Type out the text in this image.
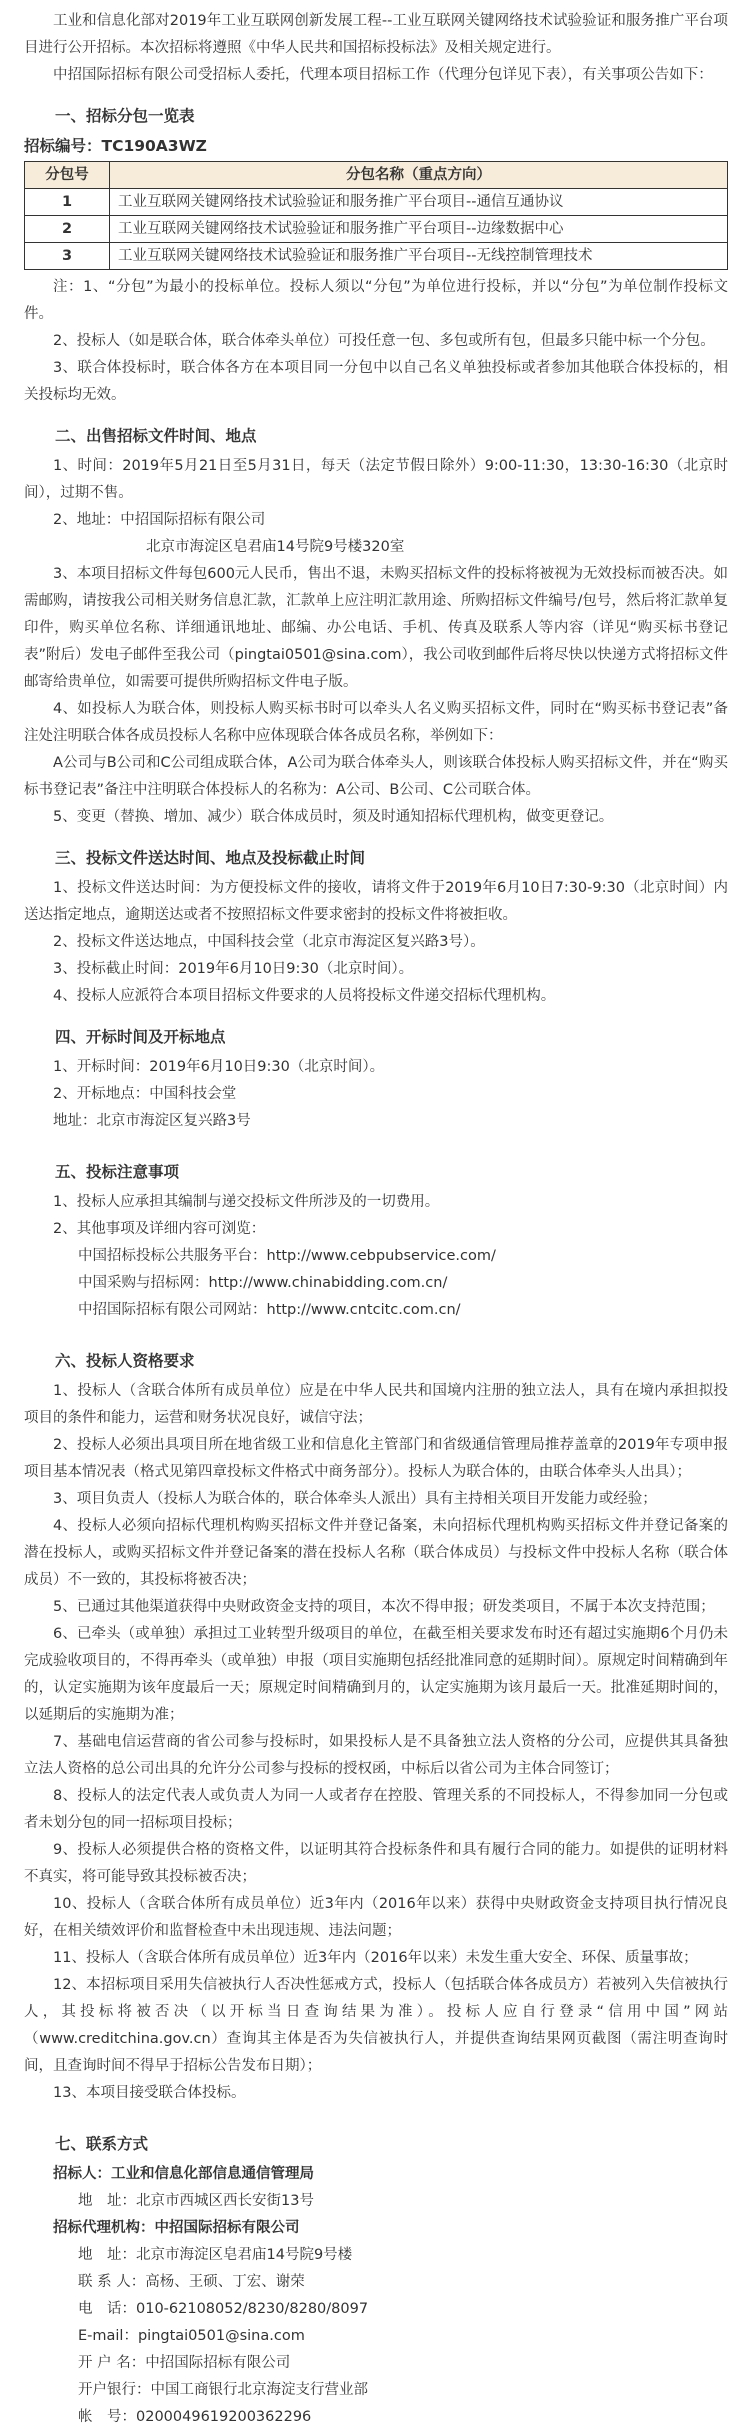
工业和信息化部对2019年工业互联网创新发展工程--工业互联网关键网络技术试验验证和服务推广平台项目进行公开招标。本次招标将遵照《中华人民共和国招标投标法》及相关规定进行。

中招国际招标有限公司受招标人委托，代理本项目招标工作（代理分包详见下表），有关事项公告如下：

一、招标分包一览表
招标编号：TC190A3WZ
分包号	分包名称（重点方向）
1	工业互联网关键网络技术试验验证和服务推广平台项目--通信互通协议
2	工业互联网关键网络技术试验验证和服务推广平台项目--边缘数据中心
3	工业互联网关键网络技术试验验证和服务推广平台项目--无线控制管理技术

注：1、“分包”为最小的投标单位。投标人须以“分包”为单位进行投标，并以“分包”为单位制作投标文件。

2、投标人（如是联合体，联合体牵头单位）可投任意一包、多包或所有包，但最多只能中标一个分包。

3、联合体投标时，联合体各方在本项目同一分包中以自己名义单独投标或者参加其他联合体投标的，相关投标均无效。

二、出售招标文件时间、地点

1、时间：2019年5月21日至5月31日，每天（法定节假日除外）9:00-11:30，13:30-16:30（北京时间），过期不售。

2、地址：中招国际招标有限公司

北京市海淀区皂君庙14号院9号楼320室

3、本项目招标文件每包600元人民币，售出不退，未购买招标文件的投标将被视为无效投标而被否决。如需邮购，请按我公司相关财务信息汇款，汇款单上应注明汇款用途、所购招标文件编号/包号，然后将汇款单复印件，购买单位名称、详细通讯地址、邮编、办公电话、手机、传真及联系人等内容（详见“购买标书登记表”附后）发电子邮件至我公司（pingtai0501@sina.com），我公司收到邮件后将尽快以快递方式将招标文件邮寄给贵单位，如需要可提供所购招标文件电子版。

4、如投标人为联合体，则投标人购买标书时可以牵头人名义购买招标文件，同时在“购买标书登记表”备注处注明联合体各成员投标人名称中应体现联合体各成员名称，举例如下：

A公司与B公司和C公司组成联合体，A公司为联合体牵头人，则该联合体投标人购买招标文件，并在“购买标书登记表”备注中注明联合体投标人的名称为：A公司、B公司、C公司联合体。

5、变更（替换、增加、减少）联合体成员时，须及时通知招标代理机构，做变更登记。

三、投标文件送达时间、地点及投标截止时间

1、投标文件送达时间：为方便投标文件的接收，请将文件于2019年6月10日7:30-9:30（北京时间）内送达指定地点，逾期送达或者不按照招标文件要求密封的投标文件将被拒收。

2、投标文件送达地点，中国科技会堂（北京市海淀区复兴路3号）。

3、投标截止时间：2019年6月10日9:30（北京时间）。

4、投标人应派符合本项目招标文件要求的人员将投标文件递交招标代理机构。

四、开标时间及开标地点

1、开标时间：2019年6月10日9:30（北京时间）。

2、开标地点：中国科技会堂

地址：北京市海淀区复兴路3号

五、投标注意事项

1、投标人应承担其编制与递交投标文件所涉及的一切费用。

2、其他事项及详细内容可浏览：

中国招标投标公共服务平台：http://www.cebpubservice.com/

中国采购与招标网：http://www.chinabidding.com.cn/

中招国际招标有限公司网站：http://www.cntcitc.com.cn/

六、投标人资格要求

1、投标人（含联合体所有成员单位）应是在中华人民共和国境内注册的独立法人，具有在境内承担拟投项目的条件和能力，运营和财务状况良好，诚信守法；

2、投标人必须出具项目所在地省级工业和信息化主管部门和省级通信管理局推荐盖章的2019年专项申报项目基本情况表（格式见第四章投标文件格式中商务部分）。投标人为联合体的，由联合体牵头人出具）；

3、项目负责人（投标人为联合体的，联合体牵头人派出）具有主持相关项目开发能力或经验；

4、投标人必须向招标代理机构购买招标文件并登记备案，未向招标代理机构购买招标文件并登记备案的潜在投标人，或购买招标文件并登记备案的潜在投标人名称（联合体成员）与投标文件中投标人名称（联合体成员）不一致的，其投标将被否决；

5、已通过其他渠道获得中央财政资金支持的项目，本次不得申报；研发类项目，不属于本次支持范围；

6、已牵头（或单独）承担过工业转型升级项目的单位，在截至相关要求发布时还有超过实施期6个月仍未完成验收项目的，不得再牵头（或单独）申报（项目实施期包括经批准同意的延期时间）。原规定时间精确到年的，认定实施期为该年度最后一天；原规定时间精确到月的，认定实施期为该月最后一天。批准延期时间的，以延期后的实施期为准；

7、基础电信运营商的省公司参与投标时，如果投标人是不具备独立法人资格的分公司，应提供其具备独立法人资格的总公司出具的允许分公司参与投标的授权函，中标后以省公司为主体合同签订；

8、投标人的法定代表人或负责人为同一人或者存在控股、管理关系的不同投标人，不得参加同一分包或者未划分包的同一招标项目投标；

9、投标人必须提供合格的资格文件，以证明其符合投标条件和具有履行合同的能力。如提供的证明材料不真实，将可能导致其投标被否决；

10、投标人（含联合体所有成员单位）近3年内（2016年以来）获得中央财政资金支持项目执行情况良好，在相关绩效评价和监督检查中未出现违规、违法问题；

11、投标人（含联合体所有成员单位）近3年内（2016年以来）未发生重大安全、环保、质量事故；

12、本招标项目采用失信被执行人否决性惩戒方式，投标人（包括联合体各成员方）若被列入失信被执行人，其投标将被否决（以开标当日查询结果为准）。投标人应自行登录“信用中国”网站（www.creditchina.gov.cn）查询其主体是否为失信被执行人，并提供查询结果网页截图（需注明查询时间，且查询时间不得早于招标公告发布日期）；

13、本项目接受联合体投标。

七、联系方式

招标人：工业和信息化部信息通信管理局

地　址：北京市西城区西长安街13号

招标代理机构：中招国际招标有限公司

地　址：北京市海淀区皂君庙14号院9号楼

联 系 人：高杨、王硕、丁宏、谢荣

电　话：010-62108052/8230/8280/8097

E-mail：pingtai0501@sina.com

开 户 名：中招国际招标有限公司

开户银行：中国工商银行北京海淀支行营业部

帐　号：0200049619200362296
